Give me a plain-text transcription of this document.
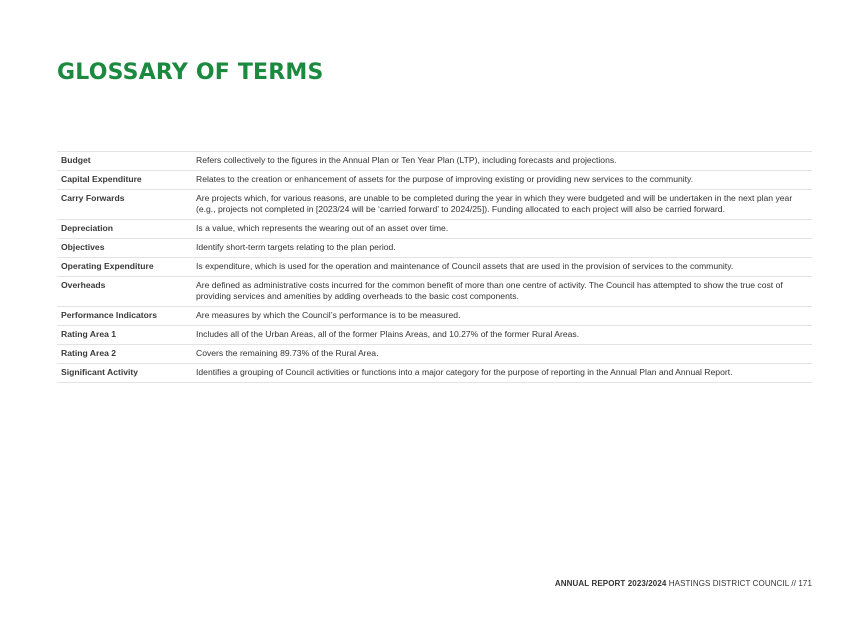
GLOSSARY OF TERMS
Budget	Refers collectively to the figures in the Annual Plan or Ten Year Plan (LTP), including forecasts and projections.
Capital Expenditure	Relates to the creation or enhancement of assets for the purpose of improving existing or providing new services to the community.
Carry Forwards	Are projects which, for various reasons, are unable to be completed during the year in which they were budgeted and will be undertaken in the next plan year (e.g., projects not completed in [2023/24 will be ‘carried forward’ to 2024/25]). Funding allocated to each project will also be carried forward.
Depreciation	Is a value, which represents the wearing out of an asset over time.
Objectives	Identify short-term targets relating to the plan period.
Operating Expenditure	Is expenditure, which is used for the operation and maintenance of Council assets that are used in the provision of services to the community.
Overheads	Are defined as administrative costs incurred for the common benefit of more than one centre of activity. The Council has attempted to show the true cost of providing services and amenities by adding overheads to the basic cost components.
Performance Indicators	Are measures by which the Council’s performance is to be measured.
Rating Area 1	Includes all of the Urban Areas, all of the former Plains Areas, and 10.27% of the former Rural Areas.
Rating Area 2	Covers the remaining 89.73% of the Rural Area.
Significant Activity	Identifies a grouping of Council activities or functions into a major category for the purpose of reporting in the Annual Plan and Annual Report.
ANNUAL REPORT 2023/2024 HASTINGS DISTRICT COUNCIL // 171
